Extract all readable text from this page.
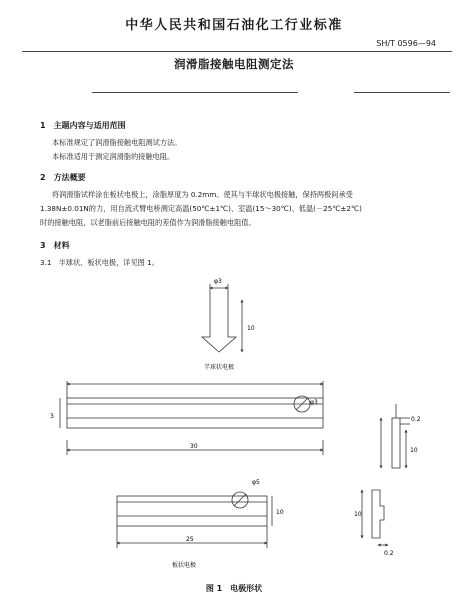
中华人民共和国石油化工行业标准
SH/T 0596—94
润滑脂接触电阻测定法
1　主题内容与适用范围
本标准规定了润滑脂接触电阻测试方法。
本标准适用于测定润滑脂的接触电阻。
2　方法概要
将润滑脂试样涂在板状电极上，涂脂厚度为 0.2mm。使其与半球状电极接触，保持两极间承受
1.38N±0.01N的力，用自流式臂电桥测定高温(50℃±1℃)、室温(15～30℃)、低温(－25℃±2℃)
时的接触电阻，以老脂前后接触电阻的差值作为润滑脂接触电阻值。
3　材料
3.1　半球状、板状电极，详见图 1。
φ3
10
φ3
3
30
0.2
10
φ5
25
10	10
0.2
半球状电极
板状电极
图 1　电极形状
